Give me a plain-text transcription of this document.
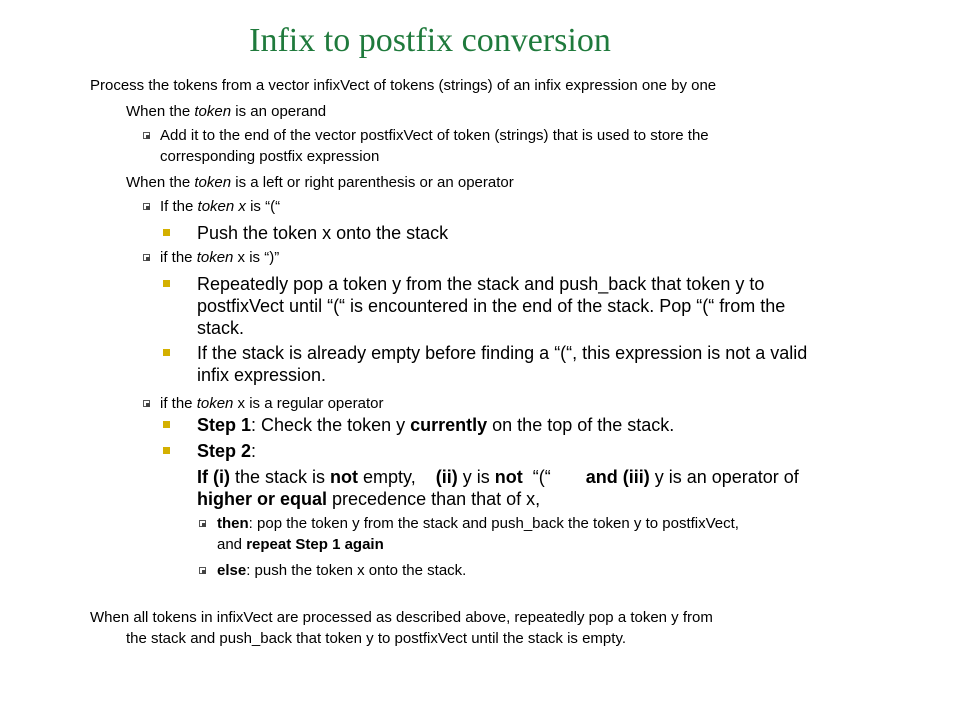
Infix to postfix conversion
Process the tokens from a vector infixVect of tokens (strings) of an infix expression one by one
When the token is an operand
Add it to the end of the vector postfixVect of token (strings) that is used to store the
corresponding postfix expression
When the token is a left or right parenthesis or an operator
If the token x is “(“
Push the token x onto the stack
if the token x is “)”
Repeatedly pop a token y from the stack and push_back that token y to
postfixVect until “(“ is encountered in the end of the stack. Pop “(“ from the
stack.
If the stack is already empty before finding a “(“, this expression is not a valid
infix expression.
if the token x is a regular operator
Step 1: Check the token y currently on the top of the stack.
Step 2:
If (i) the stack is not empty,    (ii) y is not  “(“       and (iii) y is an operator of
higher or equal precedence than that of x,
then: pop the token y from the stack and push_back the token y to postfixVect,
and repeat Step 1 again
else: push the token x onto the stack.
When all tokens in infixVect are processed as described above, repeatedly pop a token y from
the stack and push_back that token y to postfixVect until the stack is empty.
